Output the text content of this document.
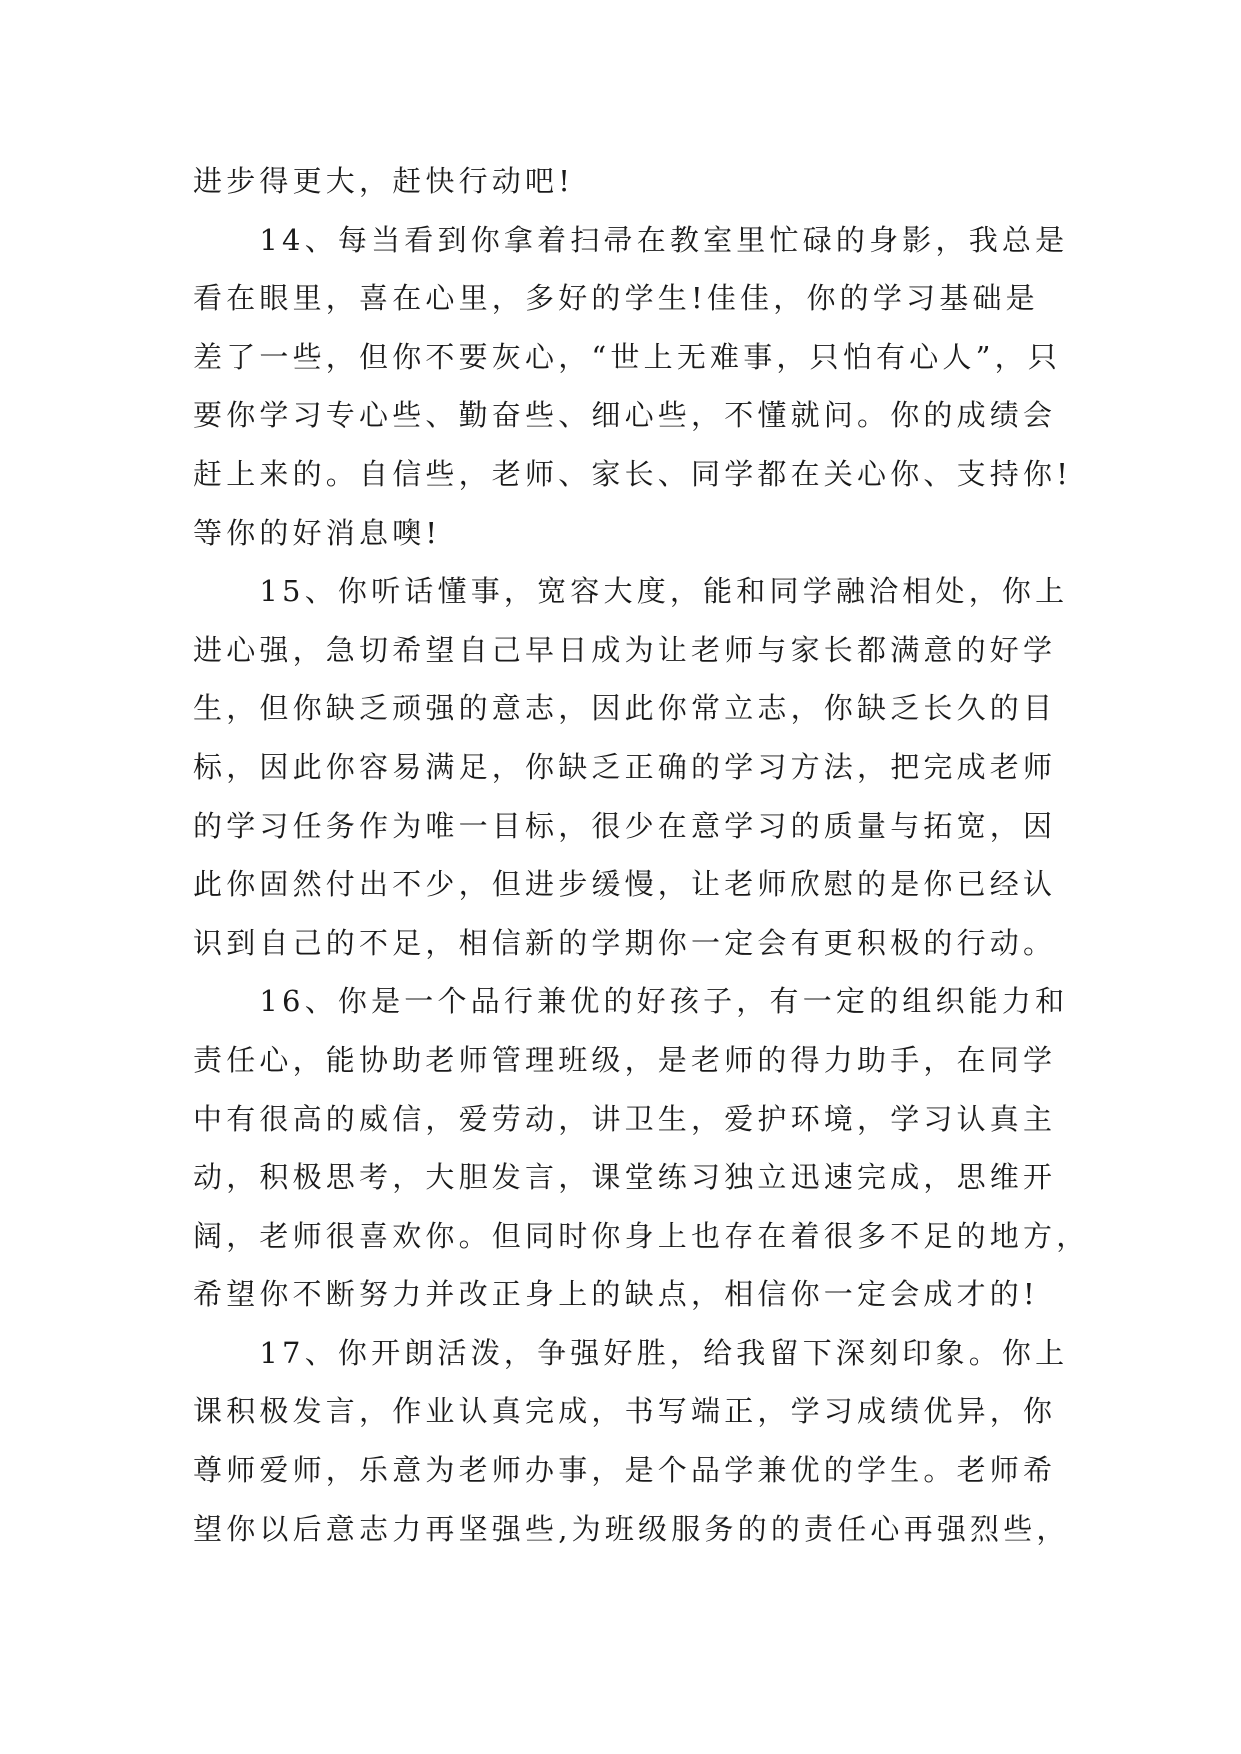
进步得更大，赶快行动吧!
　　14、每当看到你拿着扫帚在教室里忙碌的身影，我总是
看在眼里，喜在心里，多好的学生!佳佳，你的学习基础是
差了一些，但你不要灰心，“世上无难事，只怕有心人”，只
要你学习专心些、勤奋些、细心些，不懂就问。你的成绩会
赶上来的。自信些，老师、家长、同学都在关心你、支持你!
等你的好消息噢!
　　15、你听话懂事，宽容大度，能和同学融洽相处，你上
进心强，急切希望自己早日成为让老师与家长都满意的好学
生，但你缺乏顽强的意志，因此你常立志，你缺乏长久的目
标，因此你容易满足，你缺乏正确的学习方法，把完成老师
的学习任务作为唯一目标，很少在意学习的质量与拓宽，因
此你固然付出不少，但进步缓慢，让老师欣慰的是你已经认
识到自己的不足，相信新的学期你一定会有更积极的行动。
　　16、你是一个品行兼优的好孩子，有一定的组织能力和
责任心，能协助老师管理班级，是老师的得力助手，在同学
中有很高的威信，爱劳动，讲卫生，爱护环境，学习认真主
动，积极思考，大胆发言，课堂练习独立迅速完成，思维开
阔，老师很喜欢你。但同时你身上也存在着很多不足的地方，
希望你不断努力并改正身上的缺点，相信你一定会成才的!
　　17、你开朗活泼，争强好胜，给我留下深刻印象。你上
课积极发言，作业认真完成，书写端正，学习成绩优异，你
尊师爱师，乐意为老师办事，是个品学兼优的学生。老师希
望你以后意志力再坚强些,为班级服务的的责任心再强烈些，
